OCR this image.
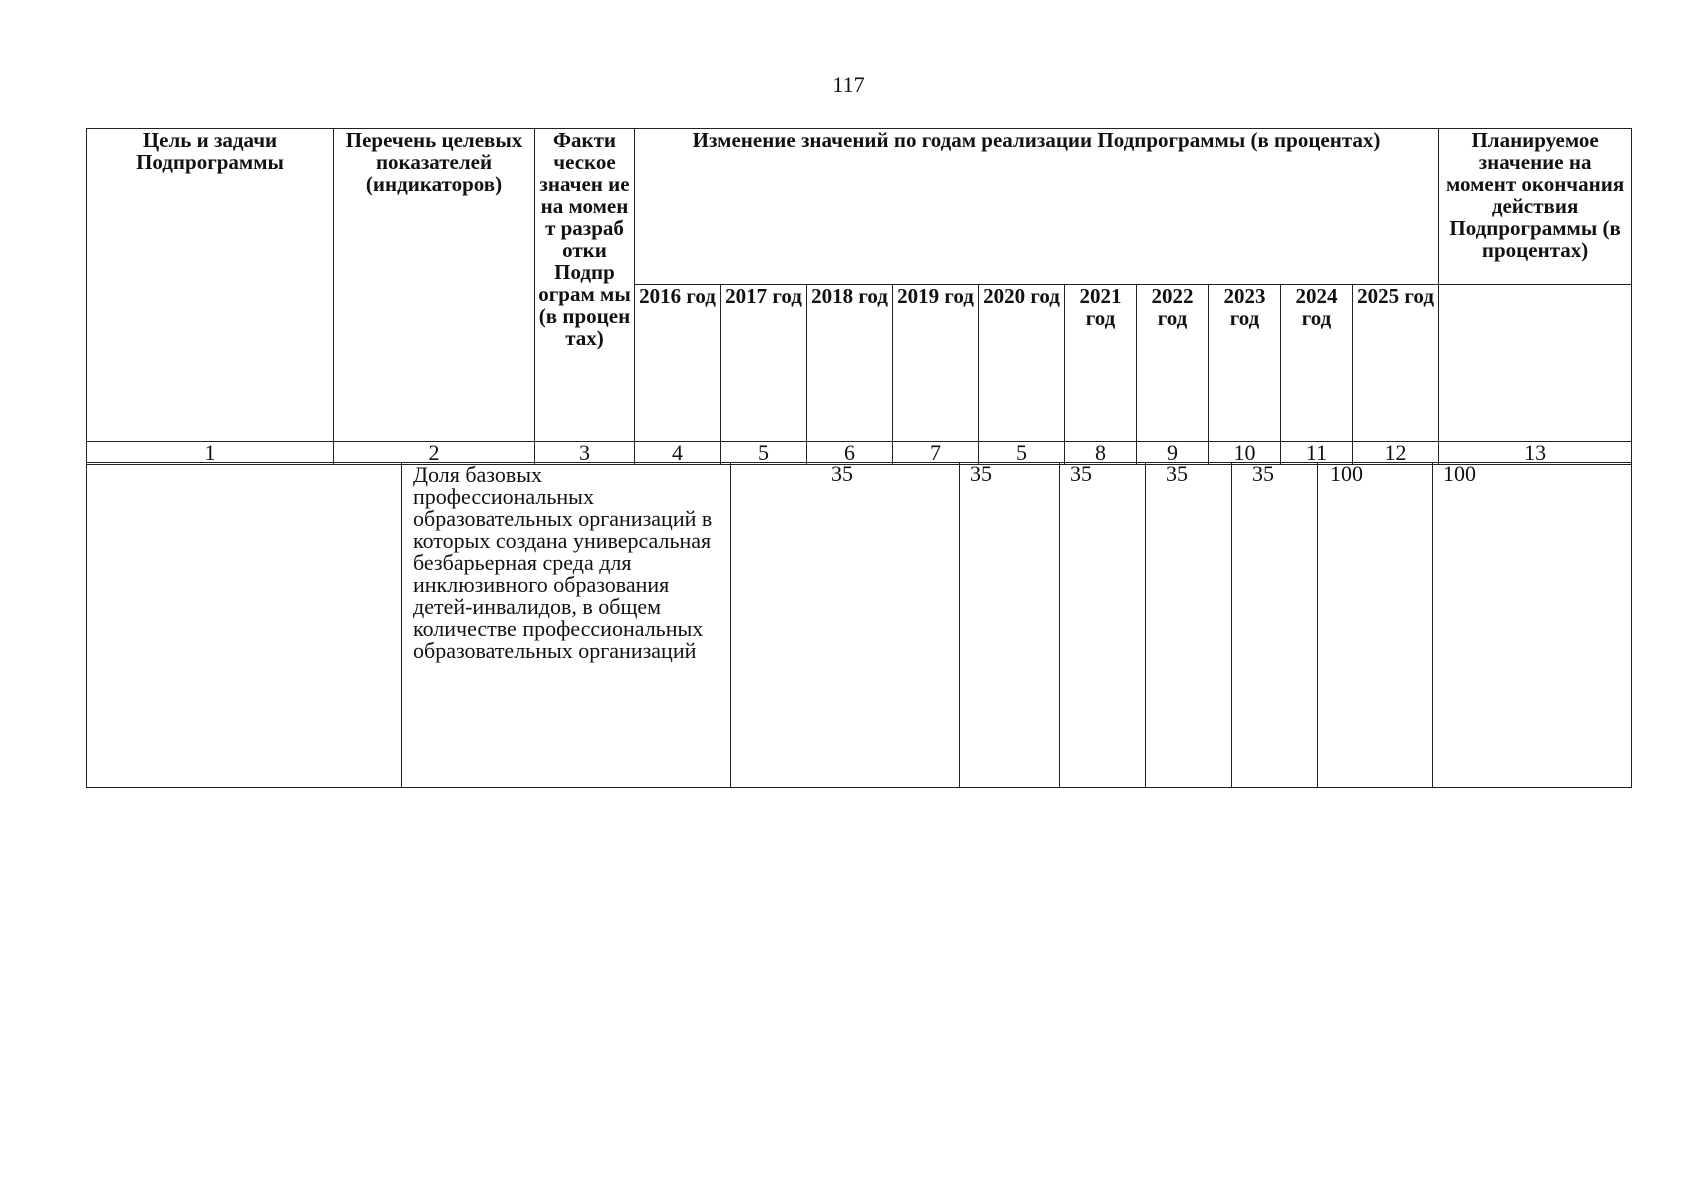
117
Цель и задачи Подпрограммы	Перечень целевых показателей (индикаторов)	Факти ческое значен ие на момен т разраб отки Подпр ограм мы (в процен тах)	Изменение значений по годам реализации Подпрограммы (в процентах)										Планируемое значение на момент окончания действия Подпрограммы (в процентах)
			2016 год	2017 год	2018 год	2019 год	2020 год	2021 год	2022 год	2023 год	2024 год	2025 год	
1	2	3	4	5	6	7	5	8	9	10	11	12	13
	Доля базовых профессиональных образовательных организаций в которых создана универсальная безбарьерная среда для инклюзивного образования детей-инвалидов, в общем количестве профессиональных образовательных организаций	35	35	35	35	35	100	100
